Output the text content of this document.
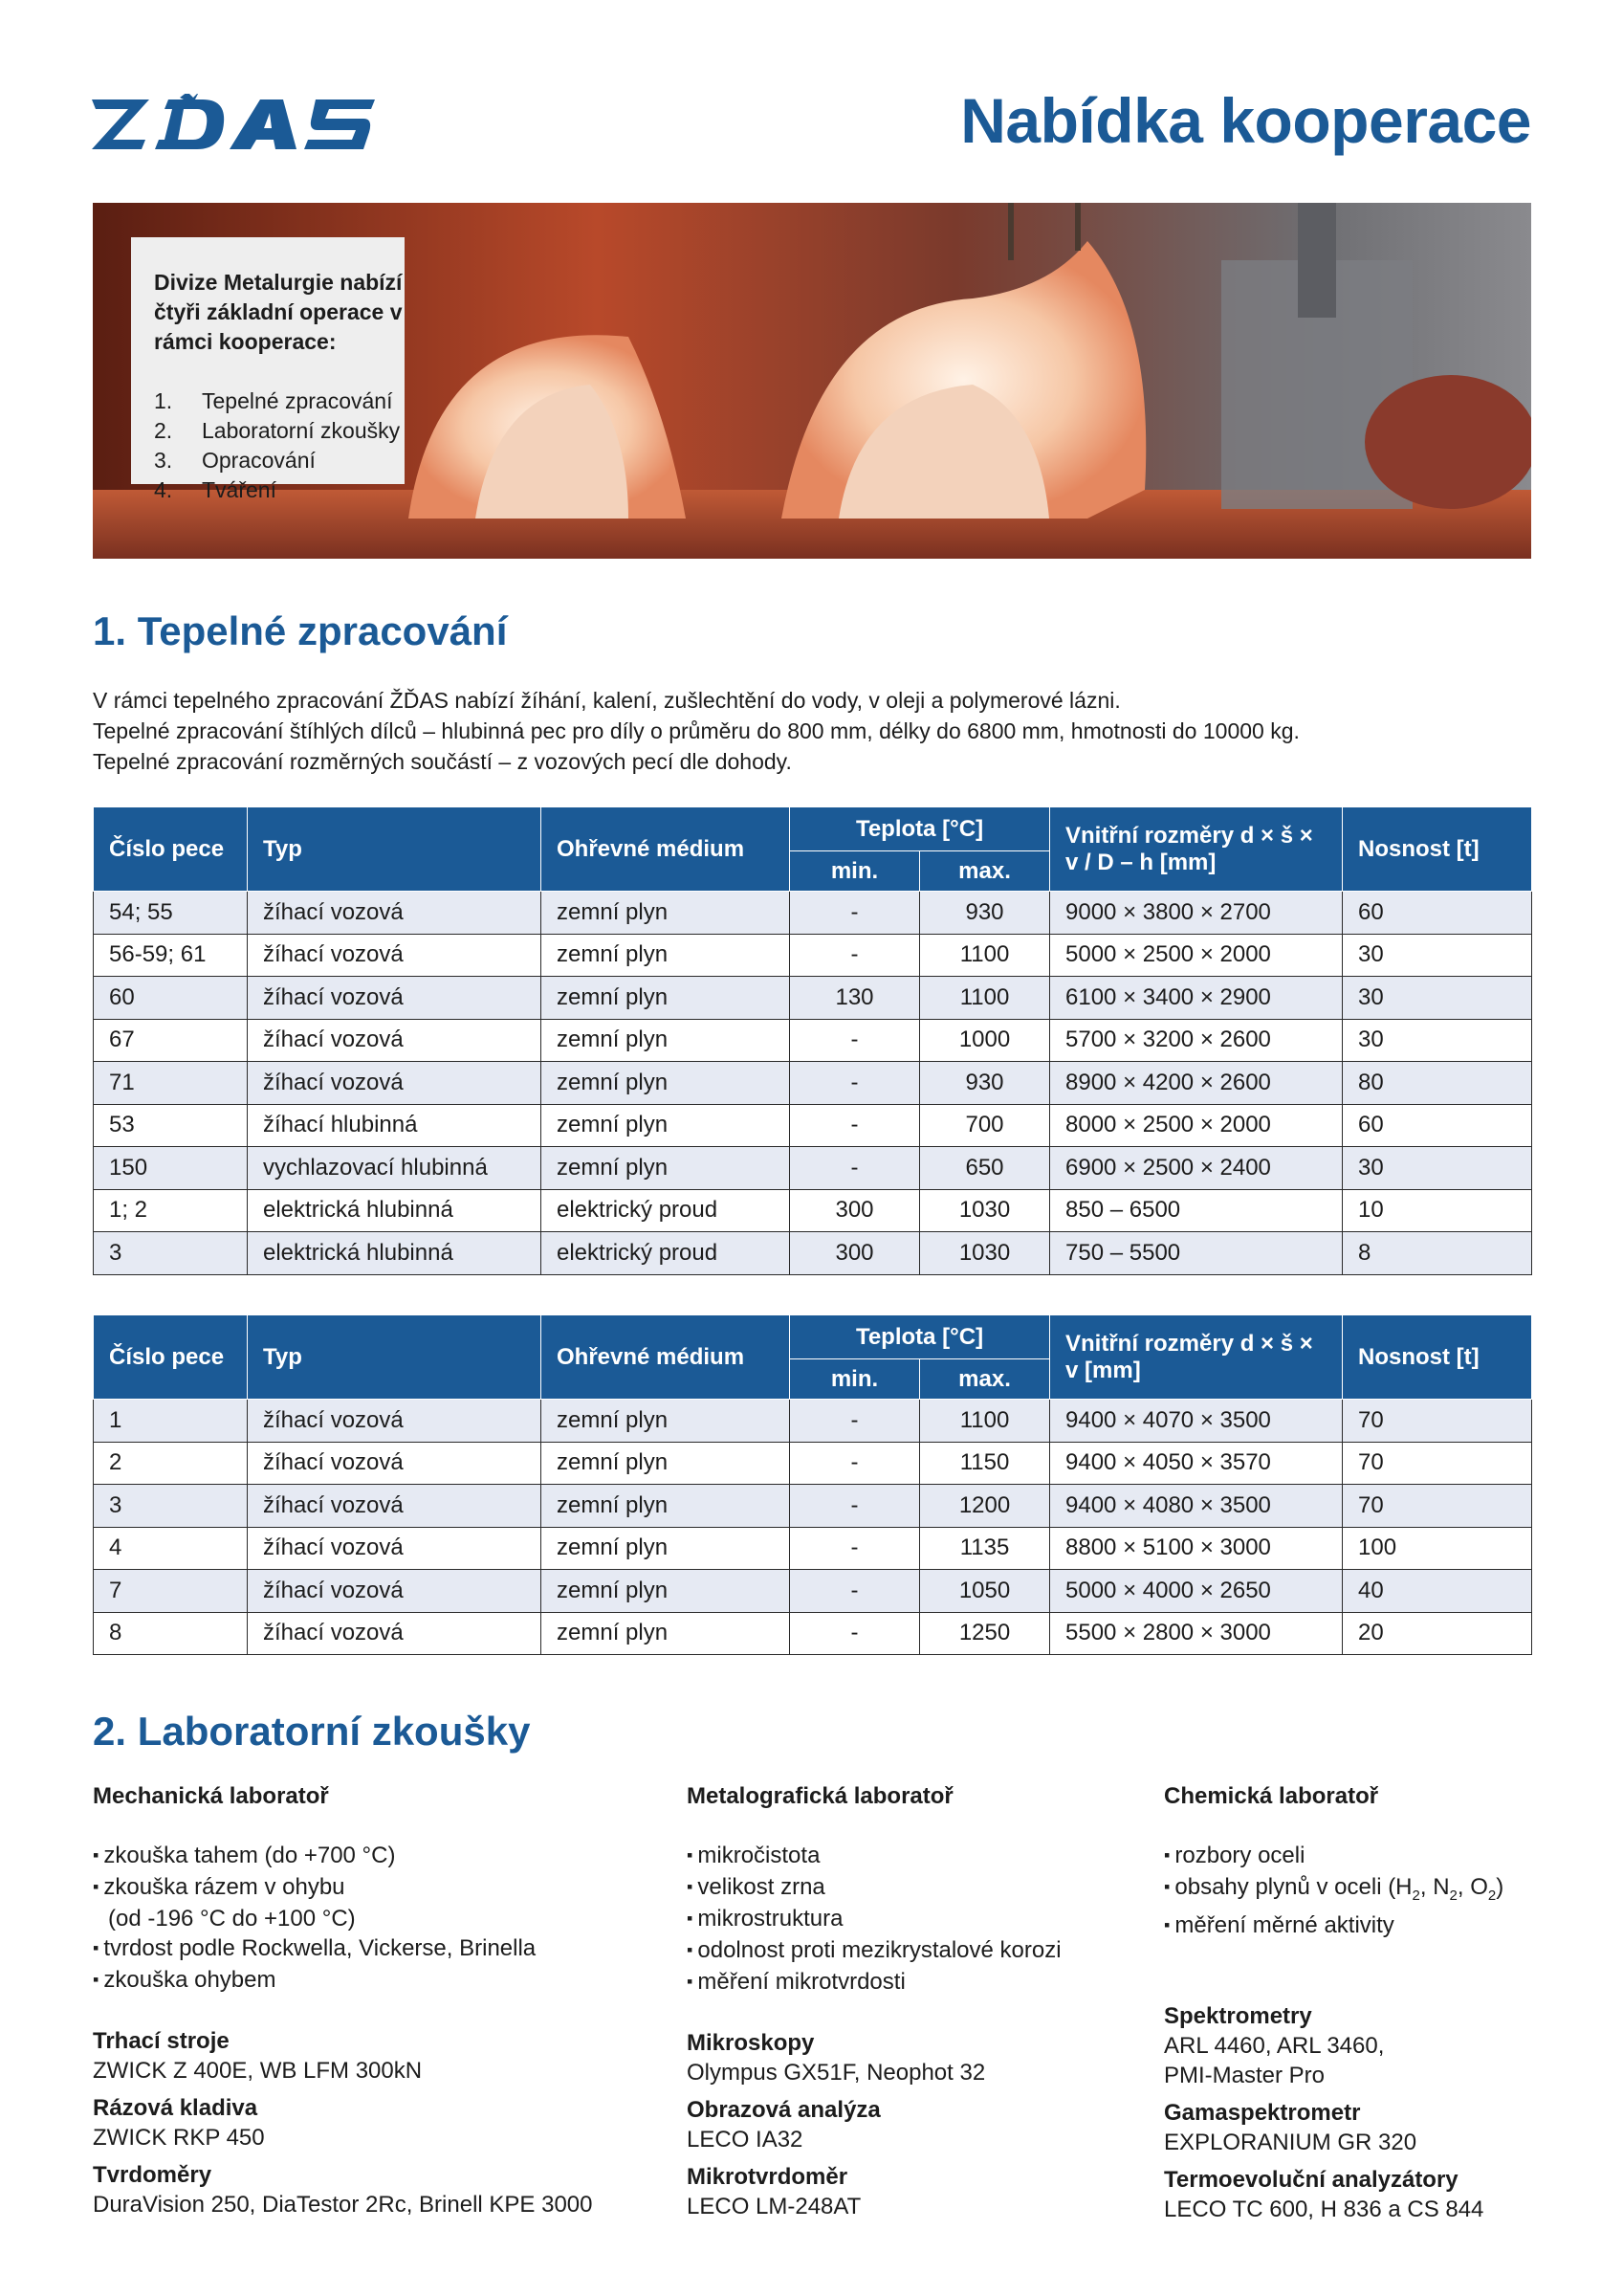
Nabídka kooperace
Divize Metalurgie nabízí čtyři základní operace v rámci kooperace:
1.	Tepelné zpracování
2.	Laboratorní zkoušky
3.	Opracování
4.	Tváření
1. Tepelné zpracování
V rámci tepelného zpracování ŽĎAS nabízí žíhání, kalení, zušlechtění do vody, v oleji a polymerové lázni.
Tepelné zpracování štíhlých dílců – hlubinná pec pro díly o průměru do 800 mm, délky do 6800 mm, hmotnosti do 10000 kg.
Tepelné zpracování rozměrných součástí – z vozových pecí dle dohody.
Číslo pece	Typ	Ohřevné médium	Teplota [°C]		Vnitřní rozměry d × š × v / D – h [mm]	Nosnost [t]
			min.	max.		
54; 55	žíhací vozová	zemní plyn	-	930	9000 × 3800 × 2700	60
56-59; 61	žíhací vozová	zemní plyn	-	1100	5000 × 2500 × 2000	30
60	žíhací vozová	zemní plyn	130	1100	6100 × 3400 × 2900	30
67	žíhací vozová	zemní plyn	-	1000	5700 × 3200 × 2600	30
71	žíhací vozová	zemní plyn	-	930	8900 × 4200 × 2600	80
53	žíhací hlubinná	zemní plyn	-	700	8000 × 2500 × 2000	60
150	vychlazovací hlubinná	zemní plyn	-	650	6900 × 2500 × 2400	30
1; 2	elektrická hlubinná	elektrický proud	300	1030	850 – 6500	10
3	elektrická hlubinná	elektrický proud	300	1030	750 – 5500	8
Číslo pece	Typ	Ohřevné médium	Teplota [°C]		Vnitřní rozměry d × š × v [mm]	Nosnost [t]
			min.	max.		
1	žíhací vozová	zemní plyn	-	1100	9400 × 4070 × 3500	70
2	žíhací vozová	zemní plyn	-	1150	9400 × 4050 × 3570	70
3	žíhací vozová	zemní plyn	-	1200	9400 × 4080 × 3500	70
4	žíhací vozová	zemní plyn	-	1135	8800 × 5100 × 3000	100
7	žíhací vozová	zemní plyn	-	1050	5000 × 4000 × 2650	40
8	žíhací vozová	zemní plyn	-	1250	5500 × 2800 × 3000	20
2. Laboratorní zkoušky
Mechanická laboratoř
▪ zkouška tahem (do +700 °C)
▪ zkouška rázem v ohybu
(od -196 °C do +100 °C)
▪ tvrdost podle Rockwella, Vickerse, Brinella
▪ zkouška ohybem
Trhací stroje
ZWICK Z 400E, WB LFM 300kN
Rázová kladiva
ZWICK RKP 450
Tvrdoměry
DuraVision 250, DiaTestor 2Rc, Brinell KPE 3000
Metalografická laboratoř
▪ mikročistota
▪ velikost zrna
▪ mikrostruktura
▪ odolnost proti mezikrystalové korozi
▪ měření mikrotvrdosti
Mikroskopy
Olympus GX51F, Neophot 32
Obrazová analýza
LECO IA32
Mikrotvrdoměr
LECO LM-248AT
Chemická laboratoř
▪ rozbory oceli
▪ obsahy plynů v oceli ($H_2$, $N_2$, $O_2$)
▪ měření měrné aktivity
Spektrometry
ARL 4460, ARL 3460,
PMI-Master Pro
Gamaspektrometr
EXPLORANIUM GR 320
Termoevoluční analyzátory
LECO TC 600, H 836 a CS 844
